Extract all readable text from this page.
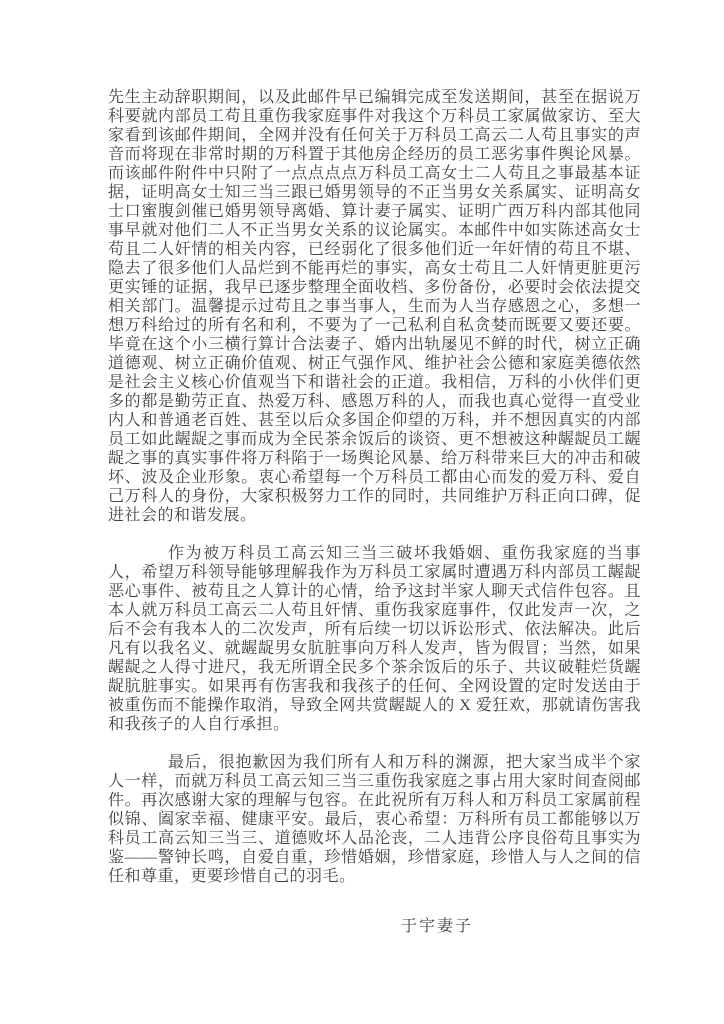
先生主动辞职期间，以及此邮件早已编辑完成至发送期间，甚至在据说万科要就内部员工苟且重伤我家庭事件对我这个万科员工家属做家访、至大家看到该邮件期间，全网并没有任何关于万科员工高云二人苟且事实的声音而将现在非常时期的万科置于其他房企经历的员工恶劣事件舆论风暴。而该邮件附件中只附了一点点点点万科员工高女士二人苟且之事最基本证据，证明高女士知三当三跟已婚男领导的不正当男女关系属实、证明高女士口蜜腹剑催已婚男领导离婚、算计妻子属实、证明广西万科内部其他同事早就对他们二人不正当男女关系的议论属实。本邮件中如实陈述高女士苟且二人奸情的相关内容，已经弱化了很多他们近一年奸情的苟且不堪、隐去了很多他们人品烂到不能再烂的事实，高女士苟且二人奸情更脏更污更实锤的证据，我早已逐步整理全面收档、多份备份，必要时会依法提交相关部门。温馨提示过苟且之事当事人，生而为人当存感恩之心，多想一想万科给过的所有名和利，不要为了一己私利自私贪婪而既要又要还要。毕竟在这个小三横行算计合法妻子、婚内出轨屡见不鲜的时代，树立正确道德观、树立正确价值观、树正气强作风、维护社会公德和家庭美德依然是社会主义核心价值观当下和谐社会的正道。我相信，万科的小伙伴们更多的都是勤劳正直、热爱万科、感恩万科的人，而我也真心觉得一直受业内人和普通老百姓、甚至以后众多国企仰望的万科，并不想因真实的内部员工如此龌龊之事而成为全民茶余饭后的谈资、更不想被这种龌龊员工龌龊之事的真实事件将万科陷于一场舆论风暴、给万科带来巨大的冲击和破坏、波及企业形象。衷心希望每一个万科员工都由心而发的爱万科、爱自己万科人的身份，大家积极努力工作的同时，共同维护万科正向口碑，促进社会的和谐发展。

作为被万科员工高云知三当三破坏我婚姻、重伤我家庭的当事人，希望万科领导能够理解我作为万科员工家属时遭遇万科内部员工龌龊恶心事件、被苟且之人算计的心情，给予这封半家人聊天式信件包容。且本人就万科员工高云二人苟且奸情、重伤我家庭事件，仅此发声一次，之后不会有我本人的二次发声，所有后续一切以诉讼形式、依法解决。此后凡有以我名义、就龌龊男女肮脏事向万科人发声，皆为假冒；当然，如果龌龊之人得寸进尺，我无所谓全民多个茶余饭后的乐子、共议破鞋烂货龌龊肮脏事实。如果再有伤害我和我孩子的任何、全网设置的定时发送由于被重伤而不能操作取消，导致全网共赏龌龊人的 X 爱狂欢，那就请伤害我和我孩子的人自行承担。

最后，很抱歉因为我们所有人和万科的渊源，把大家当成半个家人一样，而就万科员工高云知三当三重伤我家庭之事占用大家时间查阅邮件。再次感谢大家的理解与包容。在此祝所有万科人和万科员工家属前程似锦、阖家幸福、健康平安。最后，衷心希望：万科所有员工都能够以万科员工高云知三当三、道德败坏人品沦丧，二人违背公序良俗苟且事实为鉴——警钟长鸣，自爱自重，珍惜婚姻，珍惜家庭，珍惜人与人之间的信任和尊重，更要珍惜自己的羽毛。

于宇妻子
